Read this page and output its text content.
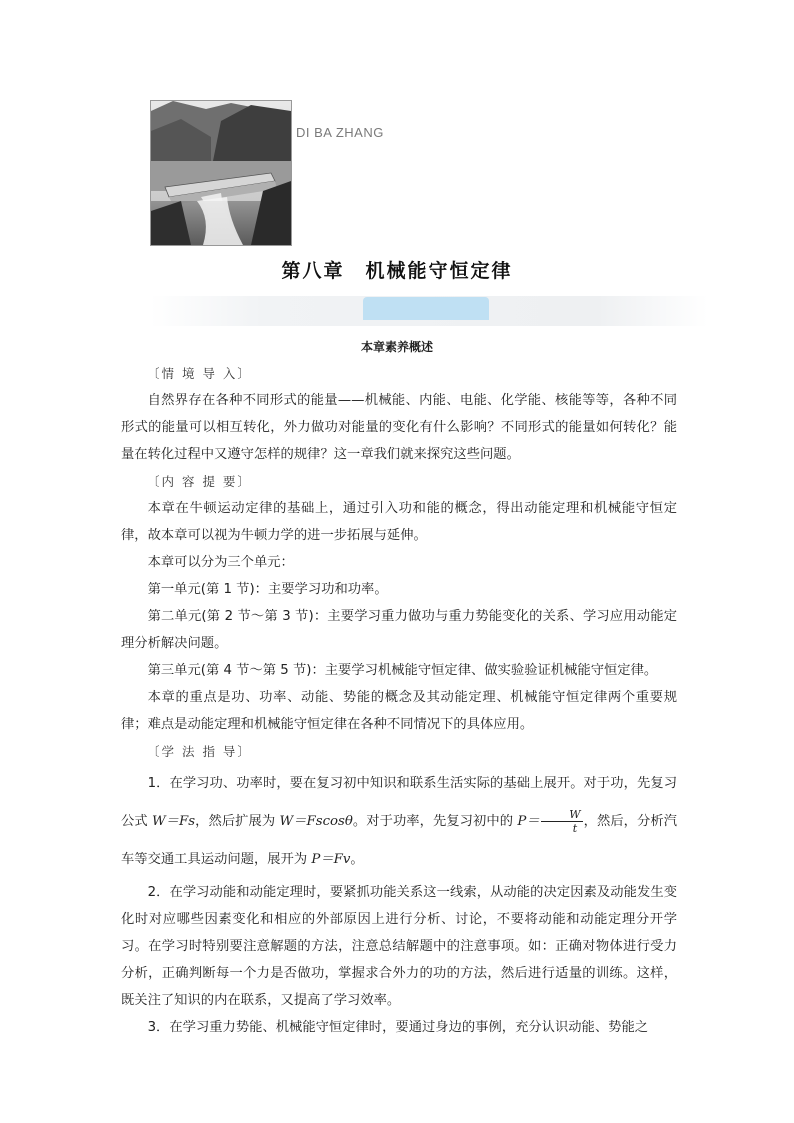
DI BA ZHANG
第八章　机械能守恒定律
本章素养概述

〔情 境 导 入〕

自然界存在各种不同形式的能量——机械能、内能、电能、化学能、核能等等，各种不同形式的能量可以相互转化，外力做功对能量的变化有什么影响？不同形式的能量如何转化？能量在转化过程中又遵守怎样的规律？这一章我们就来探究这些问题。

〔内 容 提 要〕

本章在牛顿运动定律的基础上，通过引入功和能的概念，得出动能定理和机械能守恒定律，故本章可以视为牛顿力学的进一步拓展与延伸。

本章可以分为三个单元：

第一单元(第 1 节)：主要学习功和功率。

第二单元(第 2 节～第 3 节)：主要学习重力做功与重力势能变化的关系、学习应用动能定理分析解决问题。

第三单元(第 4 节～第 5 节)：主要学习机械能守恒定律、做实验验证机械能守恒定律。

本章的重点是功、功率、动能、势能的概念及其动能定理、机械能守恒定律两个重要规律；难点是动能定理和机械能守恒定律在各种不同情况下的具体应用。

〔学 法 指 导〕

1．在学习功、功率时，要在复习初中知识和联系生活实际的基础上展开。对于功，先复习公式 W＝Fs，然后扩展为 W＝Fscosθ。对于功率，先复习初中的 $P= \frac{W}{t}$ ，然后，分析汽车等交通工具运动问题，展开为 P＝Fv。

2．在学习动能和动能定理时，要紧抓功能关系这一线索，从动能的决定因素及动能发生变化时对应哪些因素变化和相应的外部原因上进行分析、讨论，不要将动能和动能定理分开学习。在学习时特别要注意解题的方法，注意总结解题中的注意事项。如：正确对物体进行受力分析，正确判断每一个力是否做功，掌握求合外力的功的方法，然后进行适量的训练。这样，既关注了知识的内在联系，又提高了学习效率。

3．在学习重力势能、机械能守恒定律时，要通过身边的事例，充分认识动能、势能之
